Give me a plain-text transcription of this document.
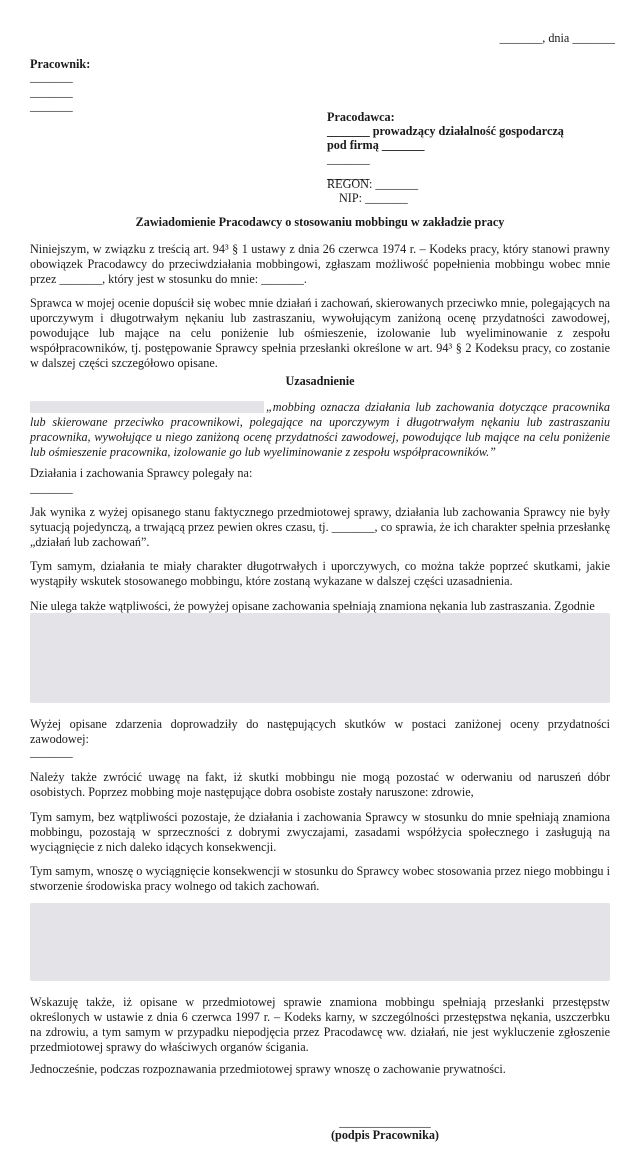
_______, dnia _______
Pracownik:
_______
_______
_______
Pracodawca:
_______ prowadzący działalność gospodarczą
pod firmą _______
_______
_______
REGON: _______
NIP: _______
Zawiadomienie Pracodawcy o stosowaniu mobbingu w zakładzie pracy
Niniejszym, w związku z treścią art. 94³ § 1 ustawy z dnia 26 czerwca 1974 r. – Kodeks pracy, który stanowi prawny obowiązek Pracodawcy do przeciwdziałania mobbingowi, zgłaszam możliwość popełnienia mobbingu wobec mnie przez _______, który jest w stosunku do mnie: _______.
Sprawca w mojej ocenie dopuścił się wobec mnie działań i zachowań, skierowanych przeciwko mnie, polegających na uporczywym i długotrwałym nękaniu lub zastraszaniu, wywołującym zaniżoną ocenę przydatności zawodowej, powodujące lub mające na celu poniżenie lub ośmieszenie, izolowanie lub wyeliminowanie z zespołu współpracowników, tj. postępowanie Sprawcy spełnia przesłanki określone w art. 94³ § 2 Kodeksu pracy, co zostanie w dalszej części szczegółowo opisane.
Uzasadnienie
„mobbing oznacza działania lub zachowania dotyczące pracownika lub skierowane przeciwko pracownikowi, polegające na uporczywym i długotrwałym nękaniu lub zastraszaniu pracownika, wywołujące u niego zaniżoną ocenę przydatności zawodowej, powodujące lub mające na celu poniżenie lub ośmieszenie pracownika, izolowanie go lub wyeliminowanie z zespołu współpracowników.”
Działania i zachowania Sprawcy polegały na:
_______
Jak wynika z wyżej opisanego stanu faktycznego przedmiotowej sprawy, działania lub zachowania Sprawcy nie były sytuacją pojedynczą, a trwającą przez pewien okres czasu, tj. _______, co sprawia, że ich charakter spełnia przesłankę „działań lub zachowań”.
Tym samym, działania te miały charakter długotrwałych i uporczywych, co można także poprzeć skutkami, jakie wystąpiły wskutek stosowanego mobbingu, które zostaną wykazane w dalszej części uzasadnienia.
Nie ulega także wątpliwości, że powyżej opisane zachowania spełniają znamiona nękania lub zastraszania. Zgodnie
Wyżej opisane zdarzenia doprowadziły do następujących skutków w postaci zaniżonej oceny przydatności zawodowej:
_______
Należy także zwrócić uwagę na fakt, iż skutki mobbingu nie mogą pozostać w oderwaniu od naruszeń dóbr osobistych. Poprzez mobbing moje następujące dobra osobiste zostały naruszone: zdrowie,
Tym samym, bez wątpliwości pozostaje, że działania i zachowania Sprawcy w stosunku do mnie spełniają znamiona mobbingu, pozostają w sprzeczności z dobrymi zwyczajami, zasadami współżycia społecznego i zasługują na wyciągnięcie z nich daleko idących konsekwencji.
Tym samym, wnoszę o wyciągnięcie konsekwencji w stosunku do Sprawcy wobec stosowania przez niego mobbingu i stworzenie środowiska pracy wolnego od takich zachowań.
Wskazuję także, iż opisane w przedmiotowej sprawie znamiona mobbingu spełniają przesłanki przestępstw określonych w ustawie z dnia 6 czerwca 1997 r. – Kodeks karny, w szczególności przestępstwa nękania, uszczerbku na zdrowiu, a tym samym w przypadku niepodjęcia przez Pracodawcę ww. działań, nie jest wykluczenie zgłoszenie przedmiotowej sprawy do właściwych organów ścigania.
Jednocześnie, podczas rozpoznawania przedmiotowej sprawy wnoszę o zachowanie prywatności.
_______________
(podpis Pracownika)
